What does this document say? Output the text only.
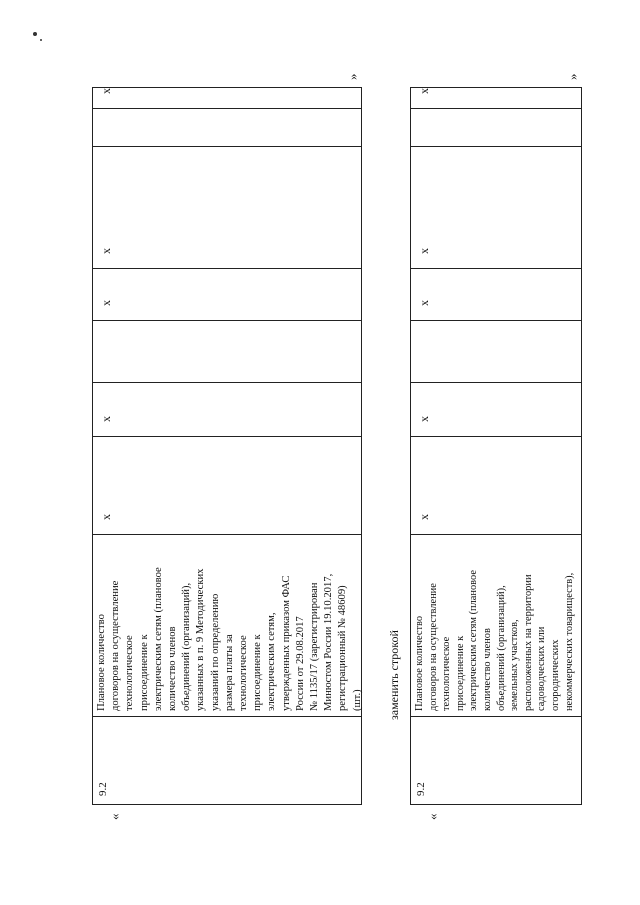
«
9.2
Плановое количество
договоров на осуществление
технологическое
присоединение к
электрическим сетям (плановое
количество членов
объединений (организаций),
указанных в п. 9 Методических
указаний по определению
размера платы за
технологическое
присоединение к
электрическим сетям,
утвержденных приказом ФАС
России от 29.08.2017
№ 1135/17 (зарегистрирован
Минюстом России 19.10.2017,
регистрационный № 48609)
(шт.)
x
x
x
x
x
»
заменить строкой
«
9.2
Плановое количество
договоров на осуществление
технологическое
присоединение к
электрическим сетям (плановое
количество членов
объединений (организаций),
земельных участков,
расположенных на территории
садоводческих или
огороднических
некоммерческих товариществ),
x
x
x
x
x
»
